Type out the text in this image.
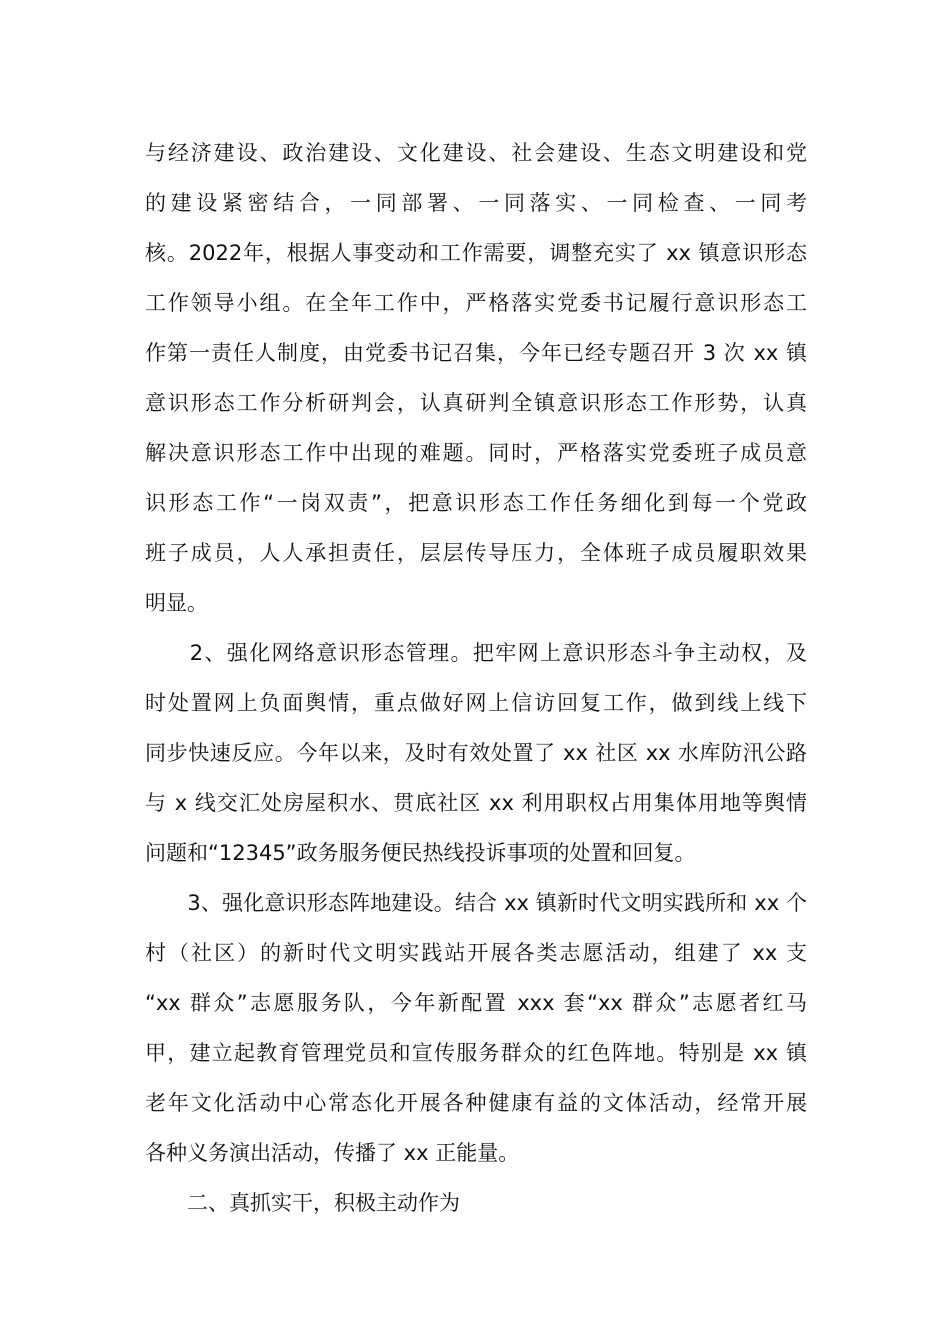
与经济建设、政治建设、文化建设、社会建设、生态文明建设和党
的建设紧密结合，一同部署、一同落实、一同检查、一同考
核。2022年，根据人事变动和工作需要，调整充实了 xx 镇意识形态
工作领导小组。在全年工作中，严格落实党委书记履行意识形态工
作第一责任人制度，由党委书记召集，今年已经专题召开 3 次 xx 镇
意识形态工作分析研判会，认真研判全镇意识形态工作形势，认真
解决意识形态工作中出现的难题。同时，严格落实党委班子成员意
识形态工作“一岗双责”，把意识形态工作任务细化到每一个党政
班子成员，人人承担责任，层层传导压力，全体班子成员履职效果
明显。
　　2、强化网络意识形态管理。把牢网上意识形态斗争主动权，及
时处置网上负面舆情，重点做好网上信访回复工作，做到线上线下
同步快速反应。今年以来，及时有效处置了 xx 社区 xx 水库防汛公路
与 x 线交汇处房屋积水、贯底社区 xx 利用职权占用集体用地等舆情
问题和“12345”政务服务便民热线投诉事项的处置和回复。
　　3、强化意识形态阵地建设。结合 xx 镇新时代文明实践所和 xx 个
村（社区）的新时代文明实践站开展各类志愿活动，组建了 xx 支
“xx 群众”志愿服务队，今年新配置 xxx 套“xx 群众”志愿者红马
甲，建立起教育管理党员和宣传服务群众的红色阵地。特别是 xx 镇
老年文化活动中心常态化开展各种健康有益的文体活动，经常开展
各种义务演出活动，传播了 xx 正能量。
　　二、真抓实干，积极主动作为
